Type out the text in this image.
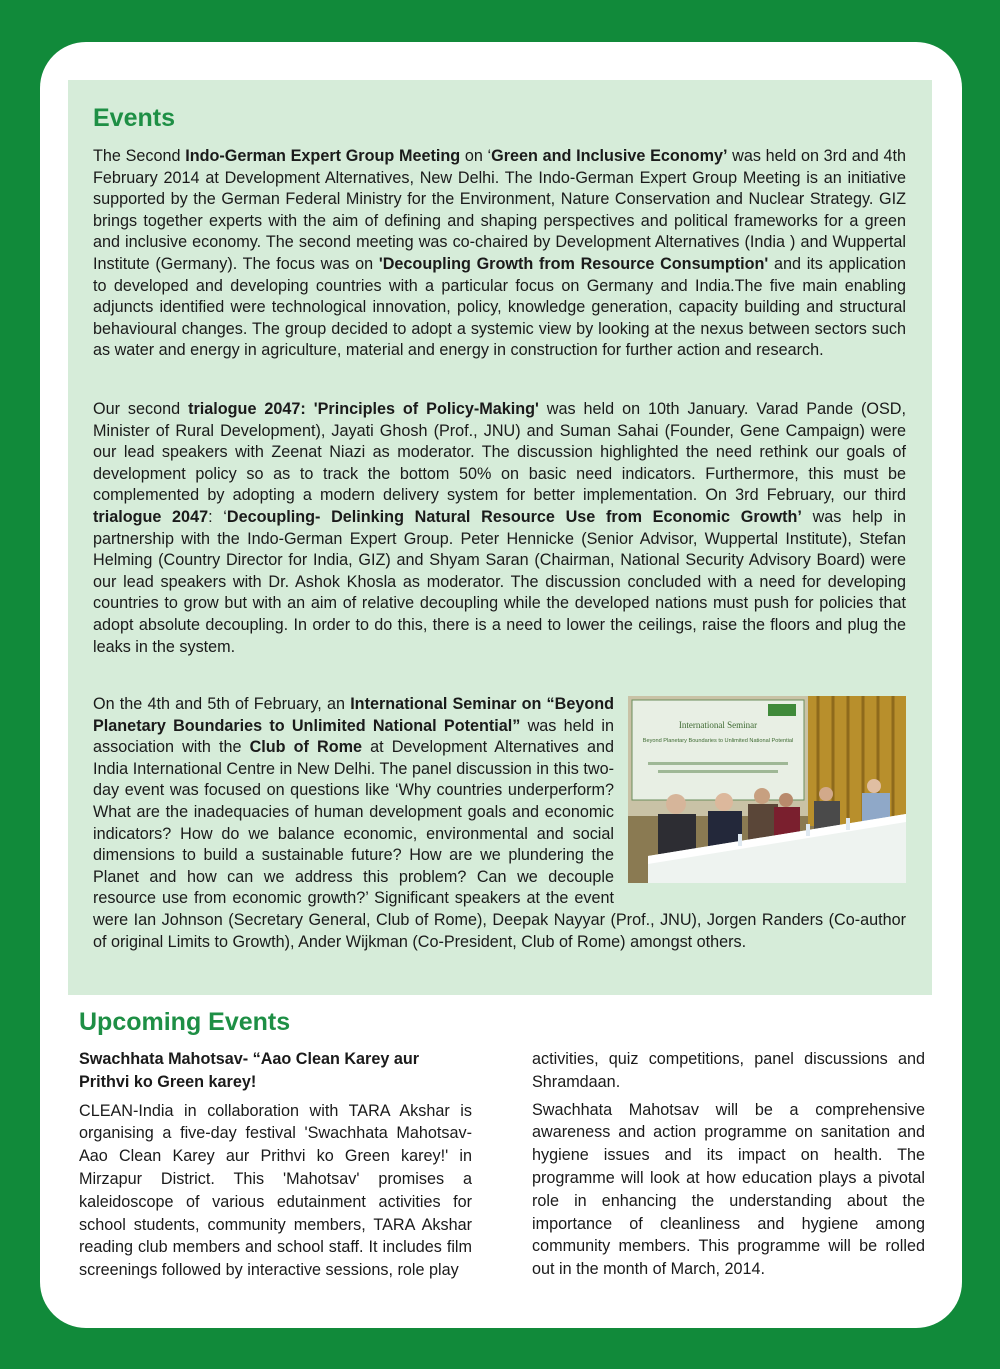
Events

The Second Indo-German Expert Group Meeting on ‘Green and Inclusive Economy’ was held on 3rd and 4th February 2014 at Development Alternatives, New Delhi. The Indo-German Expert Group Meeting is an initiative supported by the German Federal Ministry for the Environment, Nature Conservation and Nuclear Strategy. GIZ brings together experts with the aim of defining and shaping perspectives and political frameworks for a green and inclusive economy. The second meeting was co-chaired by Development Alternatives (India ) and Wuppertal Institute (Germany). The focus was on 'Decoupling Growth from Resource Consumption' and its application to developed and developing countries with a particular focus on Germany and India.The five main enabling adjuncts identified were technological innovation, policy, knowledge generation, capacity building and structural behavioural changes. The group decided to adopt a systemic view by looking at the nexus between sectors such as water and energy in agriculture, material and energy in construction for further action and research.

Our second trialogue 2047: 'Principles of Policy-Making' was held on 10th January. Varad Pande (OSD, Minister of Rural Development), Jayati Ghosh (Prof., JNU) and Suman Sahai (Founder, Gene Campaign) were our lead speakers with Zeenat Niazi as moderator. The discussion highlighted the need rethink our goals of development policy so as to track the bottom 50% on basic need indicators. Furthermore, this must be complemented by adopting a modern delivery system for better implementation. On 3rd February, our third trialogue 2047: ‘Decoupling- Delinking Natural Resource Use from Economic Growth’ was help in partnership with the Indo-German Expert Group. Peter Hennicke (Senior Advisor, Wuppertal Institute), Stefan Helming (Country Director for India, GIZ) and Shyam Saran (Chairman, National Security Advisory Board) were our lead speakers with Dr. Ashok Khosla as moderator. The discussion concluded with a need for developing countries to grow but with an aim of relative decoupling while the developed nations must push for policies that adopt absolute decoupling. In order to do this, there is a need to lower the ceilings, raise the floors and plug the leaks in the system.

International Seminar
Beyond Planetary Boundaries to Unlimited National Potential
On the 4th and 5th of February, an International Seminar on “Beyond Planetary Boundaries to Unlimited National Potential” was held in association with the Club of Rome at Development Alternatives and India International Centre in New Delhi. The panel discussion in this two-day event was focused on questions like ‘Why countries underperform? What are the inadequacies of human development goals and economic indicators? How do we balance economic, environmental and social dimensions to build a sustainable future? How are we plundering the Planet and how can we address this problem? Can we decouple resource use from economic growth?’ Significant speakers at the event were Ian Johnson (Secretary General, Club of Rome), Deepak Nayyar (Prof., JNU), Jorgen Randers (Co-author of original Limits to Growth), Ander Wijkman (Co-President, Club of Rome) amongst others.
Upcoming Events

Swachhata Mahotsav- “Aao Clean Karey aur Prithvi ko Green karey!

CLEAN-India in collaboration with TARA Akshar is organising a five-day festival 'Swachhata Mahotsav- Aao Clean Karey aur Prithvi ko Green karey!' in Mirzapur District. This 'Mahotsav' promises a kaleidoscope of various edutainment activities for school students, community members, TARA Akshar reading club members and school staff. It includes film screenings followed by interactive sessions, role play

activities, quiz competitions, panel discussions and Shramdaan.

Swachhata Mahotsav will be a comprehensive awareness and action programme on sanitation and hygiene issues and its impact on health. The programme will look at how education plays a pivotal role in enhancing the understanding about the importance of cleanliness and hygiene among community members. This programme will be rolled out in the month of March, 2014.
